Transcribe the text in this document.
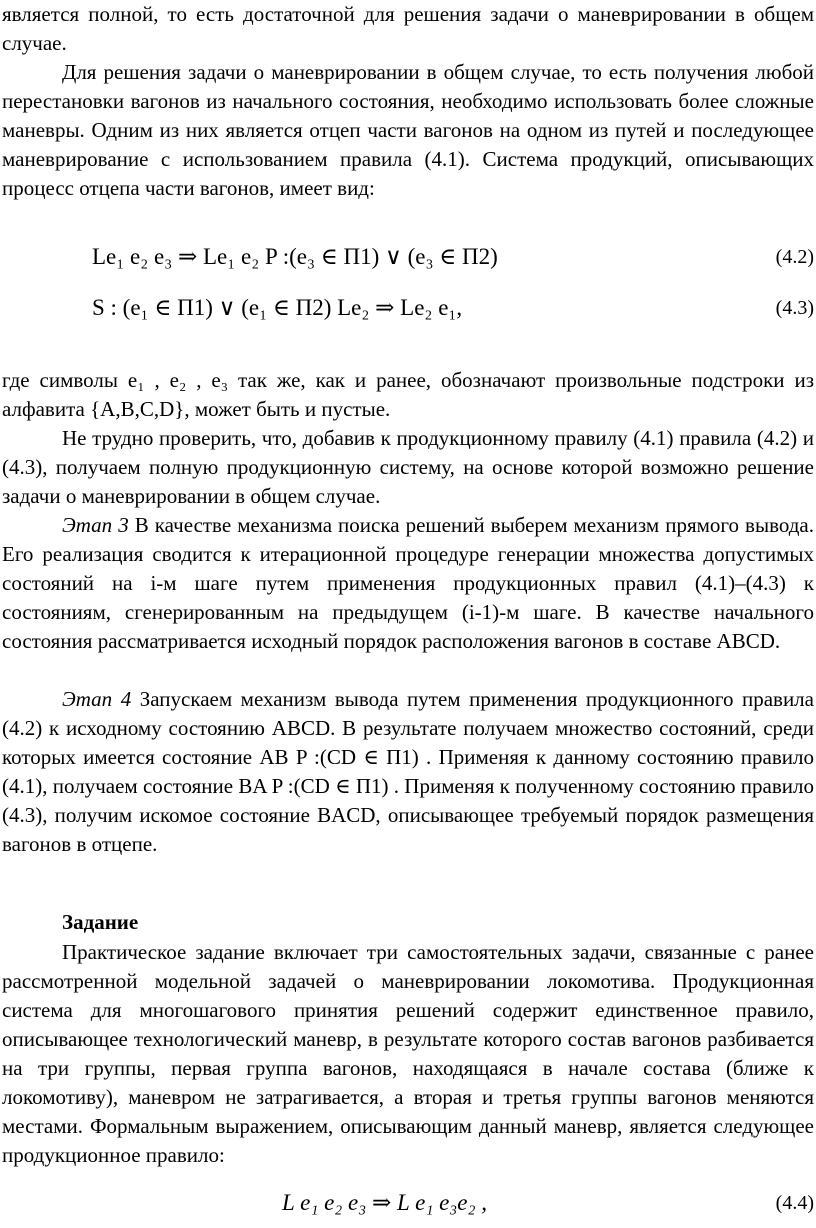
является полной, то есть достаточной для решения задачи о маневрировании в общем случае.

Для решения задачи о маневрировании в общем случае, то есть получения любой перестановки вагонов из начального состояния, необходимо использовать более сложные маневры. Одним из них является отцеп части вагонов на одном из путей и последующее маневрирование с использованием правила (4.1). Система продукций, описывающих процесс отцепа части вагонов, имеет вид:

Le₁ e₂ e₃ ⇒ Le₁ e₂ P :(e₃ ∈ П1) ∨ (e₃ ∈ П2)	(4.2)
S : (e₁ ∈ П1) ∨ (e₁ ∈ П2) Le₂ ⇒ Le₂ e₁,	(4.3)

где символы e₁ , e₂ , e₃ так же, как и ранее, обозначают произвольные подстроки из алфавита {A,B,C,D}, может быть и пустые.

Не трудно проверить, что, добавив к продукционному правилу (4.1) правила (4.2) и (4.3), получаем полную продукционную систему, на основе которой возможно решение задачи о маневрировании в общем случае.

Этап 3 В качестве механизма поиска решений выберем механизм прямого вывода. Его реализация сводится к итерационной процедуре генерации множества допустимых состояний на i-м шаге путем применения продукционных правил (4.1)–(4.3) к состояниям, сгенерированным на предыдущем (i-1)-м шаге. В качестве начального состояния рассматривается исходный порядок расположения вагонов в составе ABCD.

Этап 4 Запускаем механизм вывода путем применения продукционного правила (4.2) к исходному состоянию ABCD. В результате получаем множество состояний, среди которых имеется состояние AB P :(CD ∈ П1) . Применяя к данному состоянию правило (4.1), получаем состояние BA P :(CD ∈ П1) . Применяя к полученному состоянию правило (4.3), получим искомое состояние BACD, описывающее требуемый порядок размещения вагонов в отцепе.

Задание

Практическое задание включает три самостоятельных задачи, связанные с ранее рассмотренной модельной задачей о маневрировании локомотива. Продукционная система для многошагового принятия решений содержит единственное правило, описывающее технологический маневр, в результате которого состав вагонов разбивается на три группы, первая группа вагонов, находящаяся в начале состава (ближе к локомотиву), маневром не затрагивается, а вторая и третья группы вагонов меняются местами. Формальным выражением, описывающим данный маневр, является следующее продукционное правило:

L e₁ e₂ e₃ ⇒ L e₁ e₃e₂ ,	(4.4)
